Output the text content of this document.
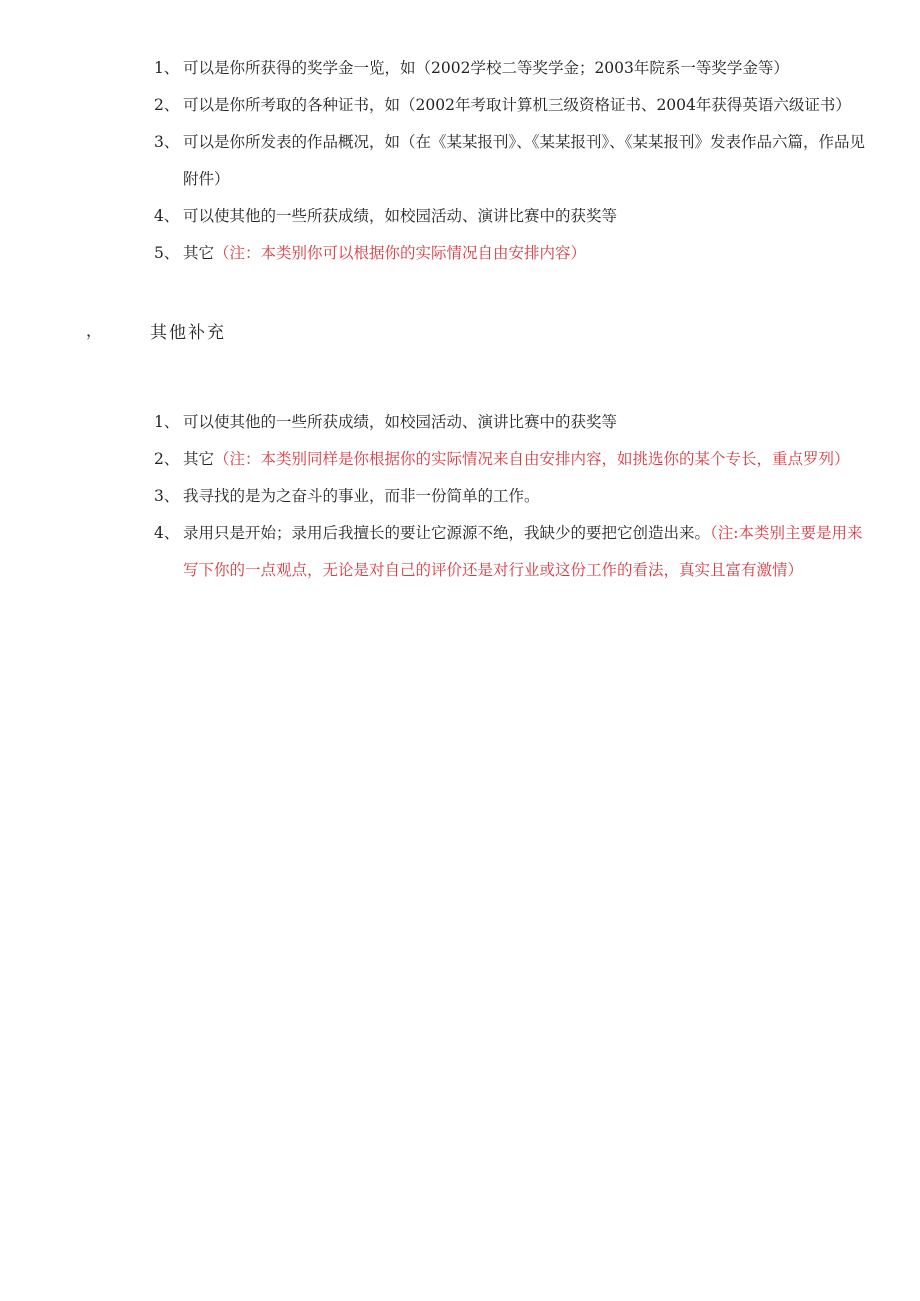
1、 可以是你所获得的奖学金一览，如（2002学校二等奖学金；2003年院系一等奖学金等）
2、 可以是你所考取的各种证书，如（2002年考取计算机三级资格证书、2004年获得英语六级证书）
3、 可以是你所发表的作品概况，如（在《某某报刊》、《某某报刊》、《某某报刊》发表作品六篇，作品见附件）
4、 可以使其他的一些所获成绩，如校园活动、演讲比赛中的获奖等
5、 其它（注：本类别你可以根据你的实际情况自由安排内容）
，	其他补充
1、 可以使其他的一些所获成绩，如校园活动、演讲比赛中的获奖等
2、 其它（注：本类别同样是你根据你的实际情况来自由安排内容，如挑选你的某个专长，重点罗列）
3、 我寻找的是为之奋斗的事业，而非一份简单的工作。
4、 录用只是开始；录用后我擅长的要让它源源不绝，我缺少的要把它创造出来。（注:本类别主要是用来写下你的一点观点，无论是对自己的评价还是对行业或这份工作的看法，真实且富有激情）
